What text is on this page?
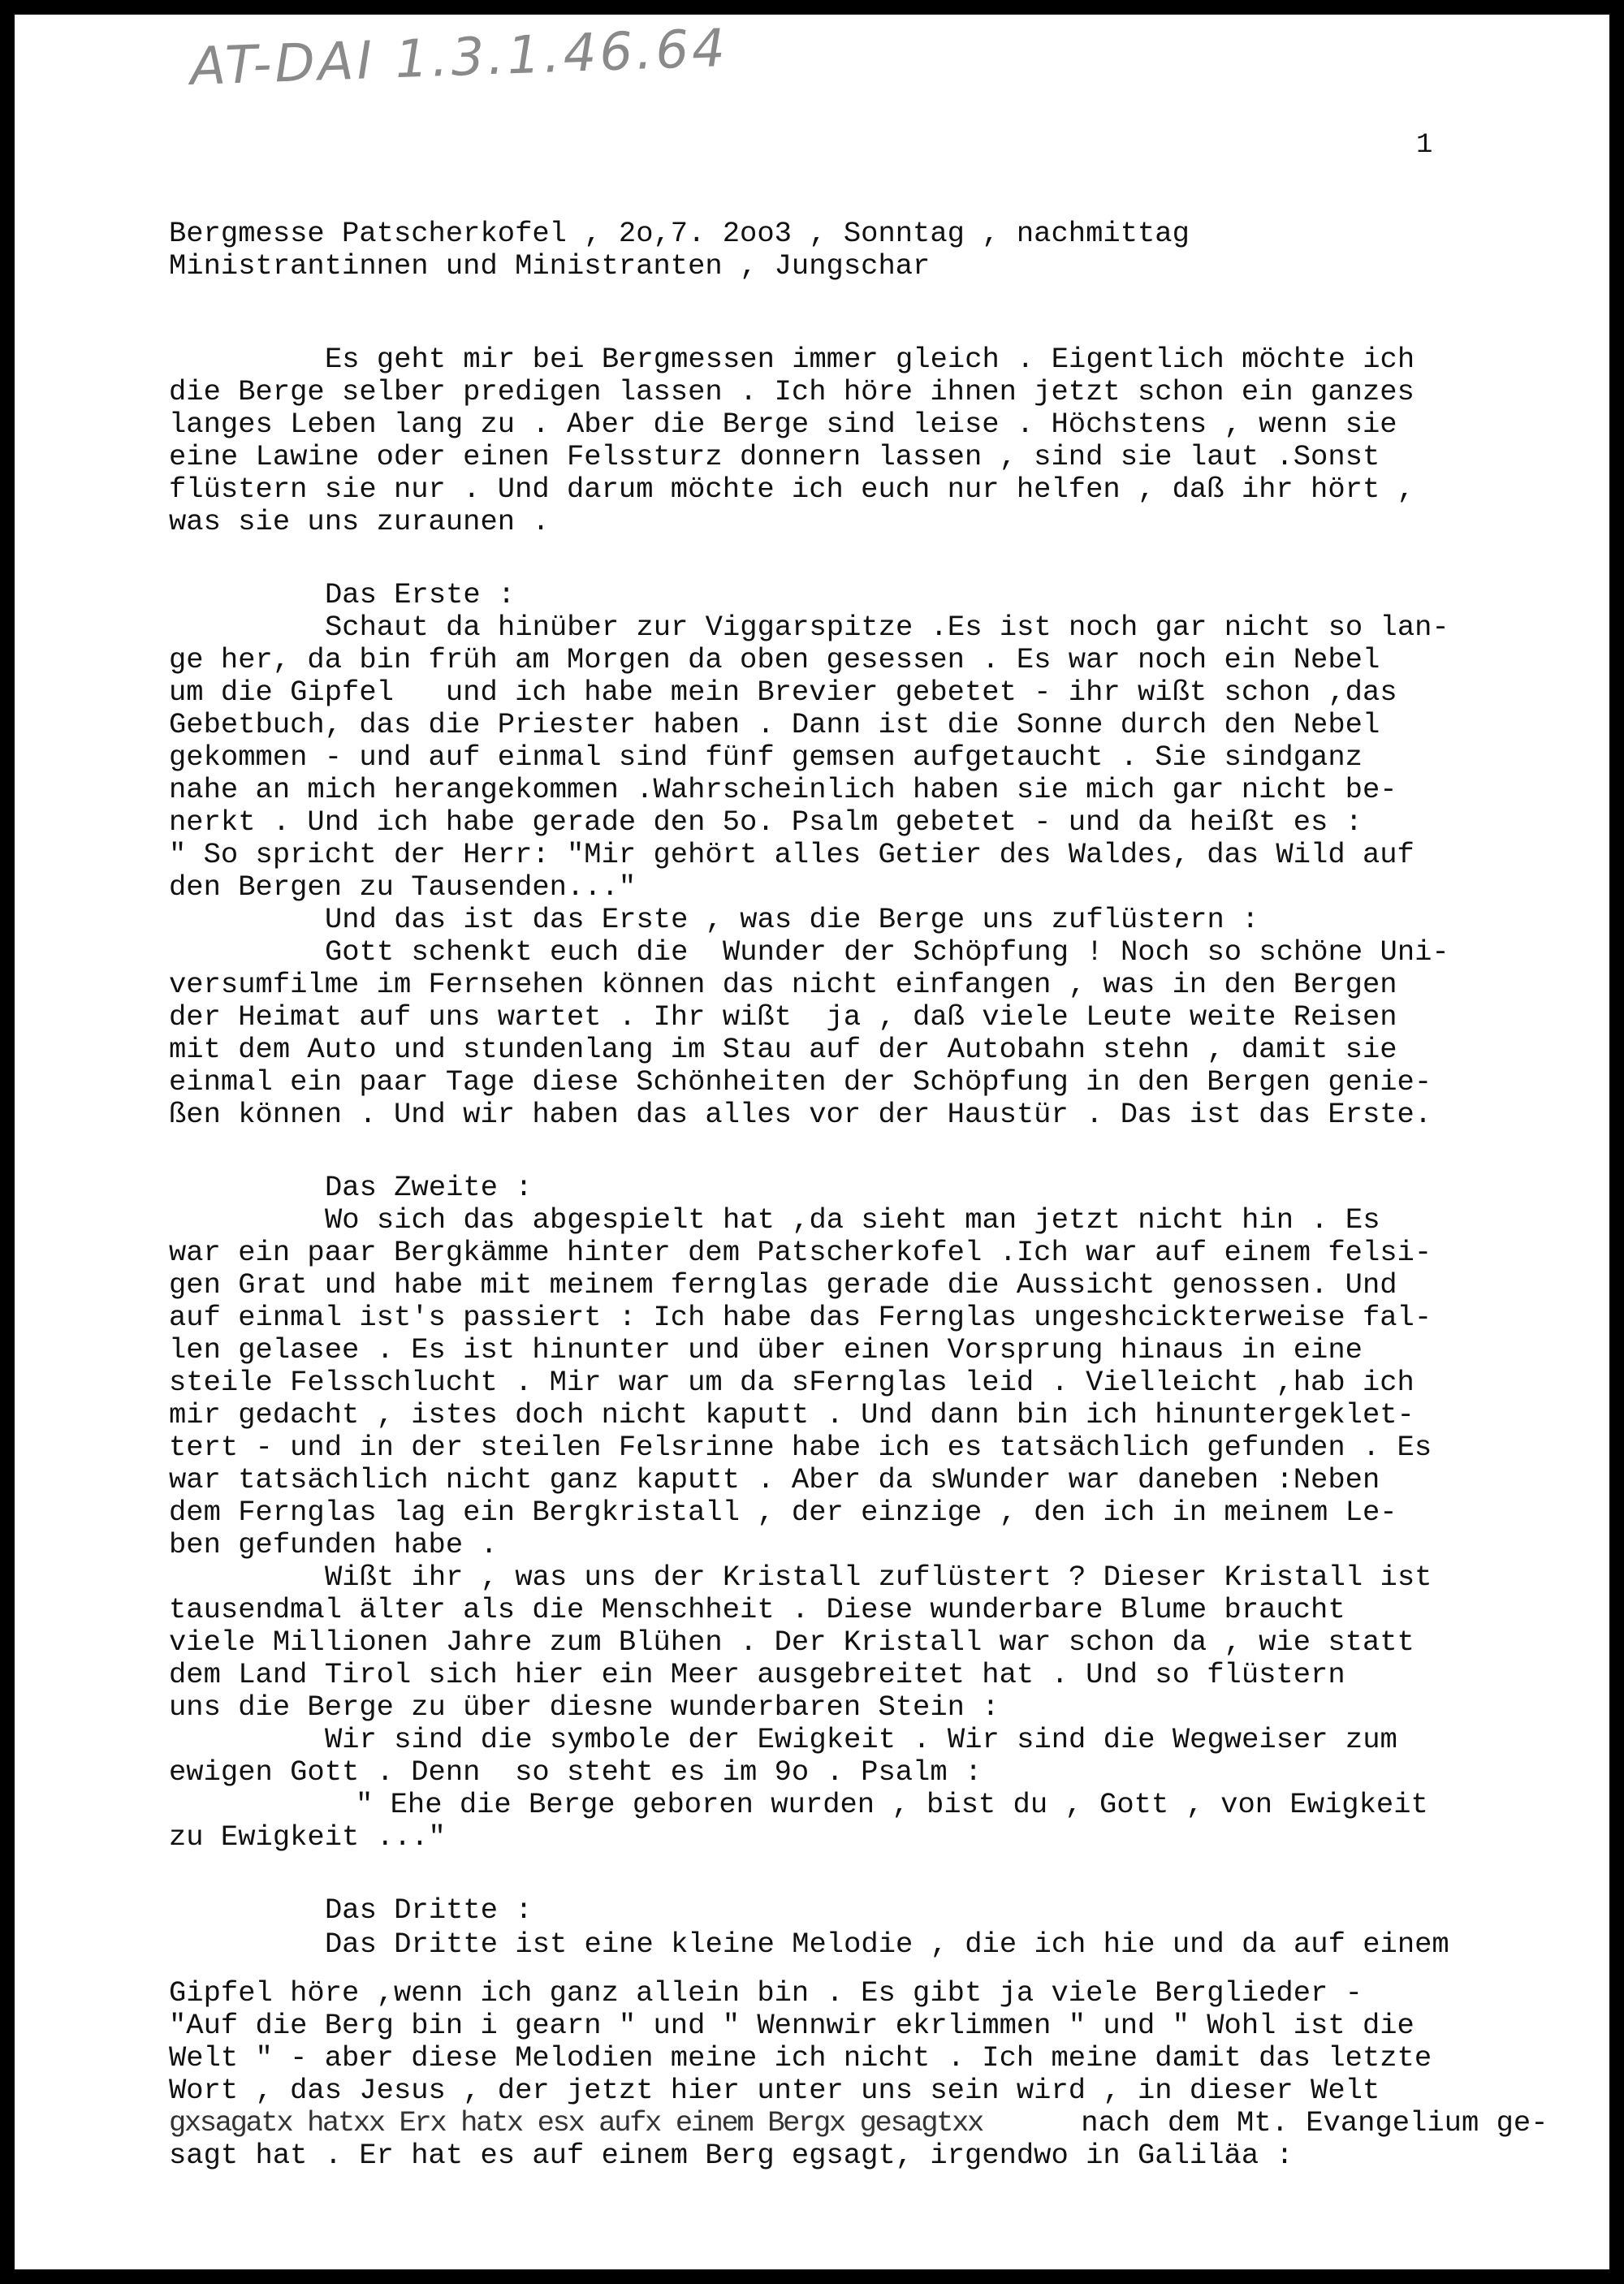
AT-DAI 1.3.1.46.64
1
Bergmesse Patscherkofel , 2o,7. 2oo3 , Sonntag , nachmittag
Ministrantinnen und Ministranten , Jungschar
Es geht mir bei Bergmessen immer gleich . Eigentlich möchte ich
die Berge selber predigen lassen . Ich höre ihnen jetzt schon ein ganzes
langes Leben lang zu . Aber die Berge sind leise . Höchstens , wenn sie
eine Lawine oder einen Felssturz donnern lassen , sind sie laut .Sonst
flüstern sie nur . Und darum möchte ich euch nur helfen , daß ihr hört ,
was sie uns zuraunen .
Das Erste :
Schaut da hinüber zur Viggarspitze .Es ist noch gar nicht so lan-
ge her, da bin früh am Morgen da oben gesessen . Es war noch ein Nebel
um die Gipfel   und ich habe mein Brevier gebetet - ihr wißt schon ,das
Gebetbuch, das die Priester haben . Dann ist die Sonne durch den Nebel
gekommen - und auf einmal sind fünf gemsen aufgetaucht . Sie sindganz
nahe an mich herangekommen .Wahrscheinlich haben sie mich gar nicht be-
nerkt . Und ich habe gerade den 5o. Psalm gebetet - und da heißt es :
" So spricht der Herr: "Mir gehört alles Getier des Waldes, das Wild auf
den Bergen zu Tausenden..."
Und das ist das Erste , was die Berge uns zuflüstern :
Gott schenkt euch die  Wunder der Schöpfung ! Noch so schöne Uni-
versumfilme im Fernsehen können das nicht einfangen , was in den Bergen
der Heimat auf uns wartet . Ihr wißt  ja , daß viele Leute weite Reisen
mit dem Auto und stundenlang im Stau auf der Autobahn stehn , damit sie
einmal ein paar Tage diese Schönheiten der Schöpfung in den Bergen genie-
ßen können . Und wir haben das alles vor der Haustür . Das ist das Erste.
Das Zweite :
Wo sich das abgespielt hat ,da sieht man jetzt nicht hin . Es
war ein paar Bergkämme hinter dem Patscherkofel .Ich war auf einem felsi-
gen Grat und habe mit meinem fernglas gerade die Aussicht genossen. Und
auf einmal ist's passiert : Ich habe das Fernglas ungeshcickterweise fal-
len gelasee . Es ist hinunter und über einen Vorsprung hinaus in eine
steile Felsschlucht . Mir war um da sFernglas leid . Vielleicht ,hab ich
mir gedacht , istes doch nicht kaputt . Und dann bin ich hinuntergeklet-
tert - und in der steilen Felsrinne habe ich es tatsächlich gefunden . Es
war tatsächlich nicht ganz kaputt . Aber da sWunder war daneben :Neben
dem Fernglas lag ein Bergkristall , der einzige , den ich in meinem Le-
ben gefunden habe .
Wißt ihr , was uns der Kristall zuflüstert ? Dieser Kristall ist
tausendmal älter als die Menschheit . Diese wunderbare Blume braucht
viele Millionen Jahre zum Blühen . Der Kristall war schon da , wie statt
dem Land Tirol sich hier ein Meer ausgebreitet hat . Und so flüstern
uns die Berge zu über diesne wunderbaren Stein :
Wir sind die symbole der Ewigkeit . Wir sind die Wegweiser zum
ewigen Gott . Denn  so steht es im 9o . Psalm :
" Ehe die Berge geboren wurden , bist du , Gott , von Ewigkeit
zu Ewigkeit ..."
Das Dritte :
Das Dritte ist eine kleine Melodie , die ich hie und da auf einem
Gipfel höre ,wenn ich ganz allein bin . Es gibt ja viele Berglieder -
"Auf die Berg bin i gearn " und " Wennwir ekrlimmen " und " Wohl ist die
Welt " - aber diese Melodien meine ich nicht . Ich meine damit das letzte
Wort , das Jesus , der jetzt hier unter uns sein wird , in dieser Welt
gxsagatx hatxx Erx hatx esx aufx einem Bergx gesagtxx	nach dem Mt. Evangelium ge-
sagt hat . Er hat es auf einem Berg egsagt, irgendwo in Galiläa :
